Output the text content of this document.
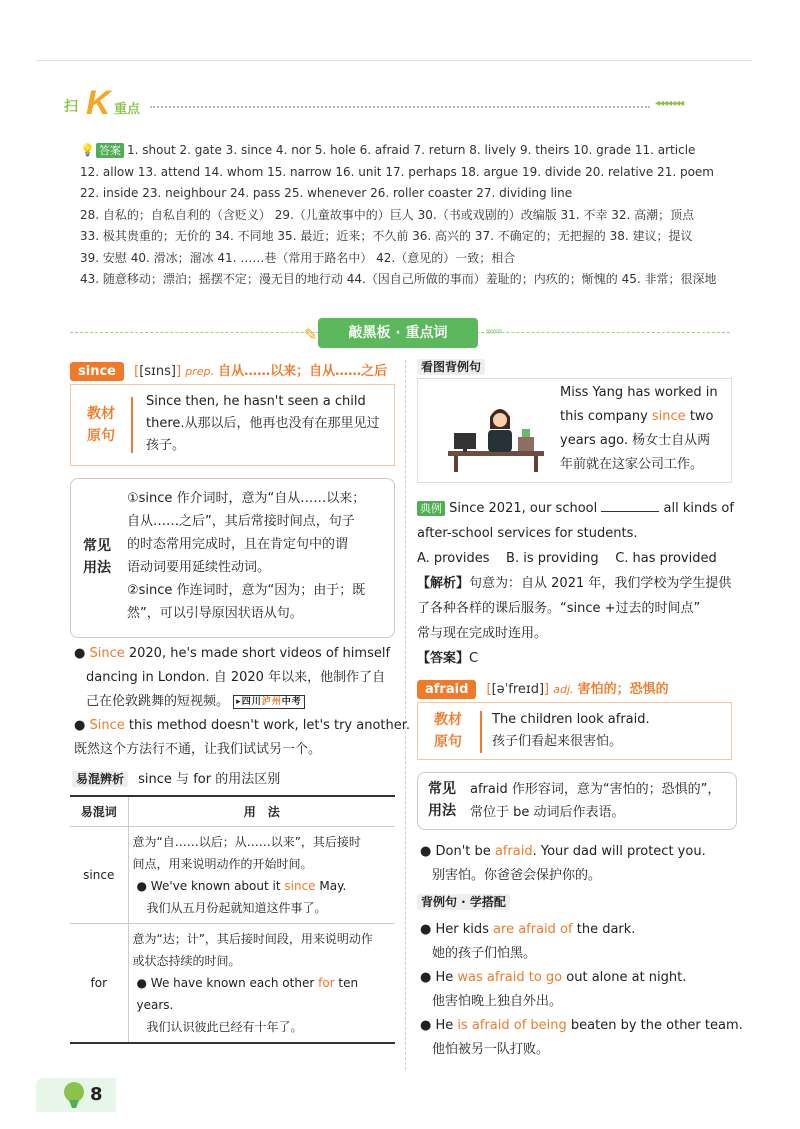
扫 K 重点	◂◂◂◂◂◂◂
💡 答案 1. shout 2. gate 3. since 4. nor 5. hole 6. afraid 7. return 8. lively 9. theirs 10. grade 11. article
12. allow 13. attend 14. whom 15. narrow 16. unit 17. perhaps 18. argue 19. divide 20. relative 21. poem
22. inside 23. neighbour 24. pass 25. whenever 26. roller coaster 27. dividing line
28. 自私的；自私自利的（含贬义） 29.（儿童故事中的）巨人 30.（书或戏剧的）改编版 31. 不幸 32. 高潮；顶点
33. 极其贵重的；无价的 34. 不同地 35. 最近；近来；不久前 36. 高兴的 37. 不确定的；无把握的 38. 建议；提议
39. 安慰 40. 滑冰；溜冰 41. ……巷（常用于路名中） 42.（意见的）一致；相合
43. 随意移动；漂泊；摇摆不定；漫无目的地行动 44.（因自己所做的事而）羞耻的；内疚的；惭愧的 45. 非常；很深地
✎ 敲黑板 · 重点词	»»»
since [[sɪns]] prep. 自从……以来；自从……之后
教材
原句
Since then, he hasn't seen a child there.从那以后，他再也没有在那里见过孩子。
常见
用法
①since 作介词时，意为“自从……以来；
自从……之后”，其后常接时间点，句子
的时态常用完成时，且在肯定句中的谓
语动词要用延续性动词。
②since 作连词时，意为“因为；由于；既
然”，可以引导原因状语从句。
● Since 2020, he's made short videos of himself
dancing in London. 自 2020 年以来，他制作了自
己在伦敦跳舞的短视频。 ▸四川泸州中考
● Since this method doesn't work, let's try another.
既然这个方法行不通，让我们试试另一个。
易混辨析 since 与 for 的用法区别
易混词	用　法
since	意为“自……以后；从……以来”，其后接时
间点，用来说明动作的开始时间。
● We've known about it since May.
我们从五月份起就知道这件事了。

for	意为“达；计”，其后接时间段，用来说明动作
或状态持续的时间。
● We have known each other for ten years.
我们认识彼此已经有十年了。
看图背例句
Miss Yang has worked in
this company since two
years ago. 杨女士自从两
年前就在这家公司工作。
典例 Since 2021, our school	all kinds of
after-school services for students.
A. provides    B. is providing    C. has provided
【解析】句意为：自从 2021 年，我们学校为学生提供
了各种各样的课后服务。“since +过去的时间点”
常与现在完成时连用。
【答案】C
afraid [[əˈfreɪd]] adj. 害怕的；恐惧的
教材
原句
The children look afraid.
孩子们看起来很害怕。
常见
用法
afraid 作形容词，意为“害怕的；恐惧的”，
常位于 be 动词后作表语。
● Don't be afraid. Your dad will protect you.
别害怕。你爸爸会保护你的。
背例句 · 学搭配
● Her kids are afraid of the dark.
她的孩子们怕黑。
● He was afraid to go out alone at night.
他害怕晚上独自外出。
● He is afraid of being beaten by the other team.
他怕被另一队打败。
8
